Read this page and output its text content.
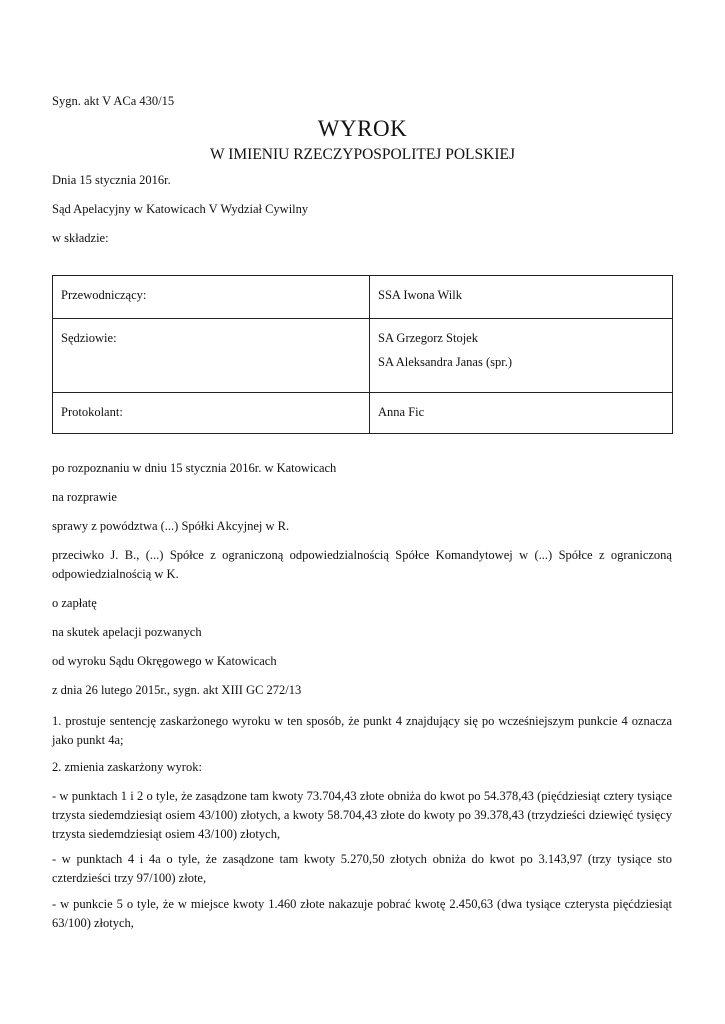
Sygn. akt V ACa 430/15
WYROK
W IMIENIU RZECZYPOSPOLITEJ POLSKIEJ
Dnia 15 stycznia 2016r.
Sąd Apelacyjny w Katowicach V Wydział Cywilny
w składzie:
Przewodniczący:	SSA Iwona Wilk
Sędziowie:	SA Grzegorz Stojek
SA Aleksandra Janas (spr.)

Protokolant:	Anna Fic
po rozpoznaniu w dniu 15 stycznia 2016r. w Katowicach
na rozprawie
sprawy z powództwa (...) Spółki Akcyjnej w R.
przeciwko J. B., (...) Spółce z ograniczoną odpowiedzialnością Spółce Komandytowej w (...) Spółce z ograniczoną odpowiedzialnością w K.
o zapłatę
na skutek apelacji pozwanych
od wyroku Sądu Okręgowego w Katowicach
z dnia 26 lutego 2015r., sygn. akt XIII GC 272/13
1. prostuje sentencję zaskarżonego wyroku w ten sposób, że punkt 4 znajdujący się po wcześniejszym punkcie 4 oznacza jako punkt 4a;
2. zmienia zaskarżony wyrok:
- w punktach 1 i 2 o tyle, że zasądzone tam kwoty 73.704,43 złote obniża do kwot po 54.378,43 (pięćdziesiąt cztery tysiące trzysta siedemdziesiąt osiem 43/100) złotych, a kwoty 58.704,43 złote do kwoty po 39.378,43 (trzydzieści dziewięć tysięcy trzysta siedemdziesiąt osiem 43/100) złotych,
- w punktach 4 i 4a o tyle, że zasądzone tam kwoty 5.270,50 złotych obniża do kwot po 3.143,97 (trzy tysiące sto czterdzieści trzy 97/100) złote,
- w punkcie 5 o tyle, że w miejsce kwoty 1.460 złote nakazuje pobrać kwotę 2.450,63 (dwa tysiące czterysta pięćdziesiąt 63/100) złotych,
